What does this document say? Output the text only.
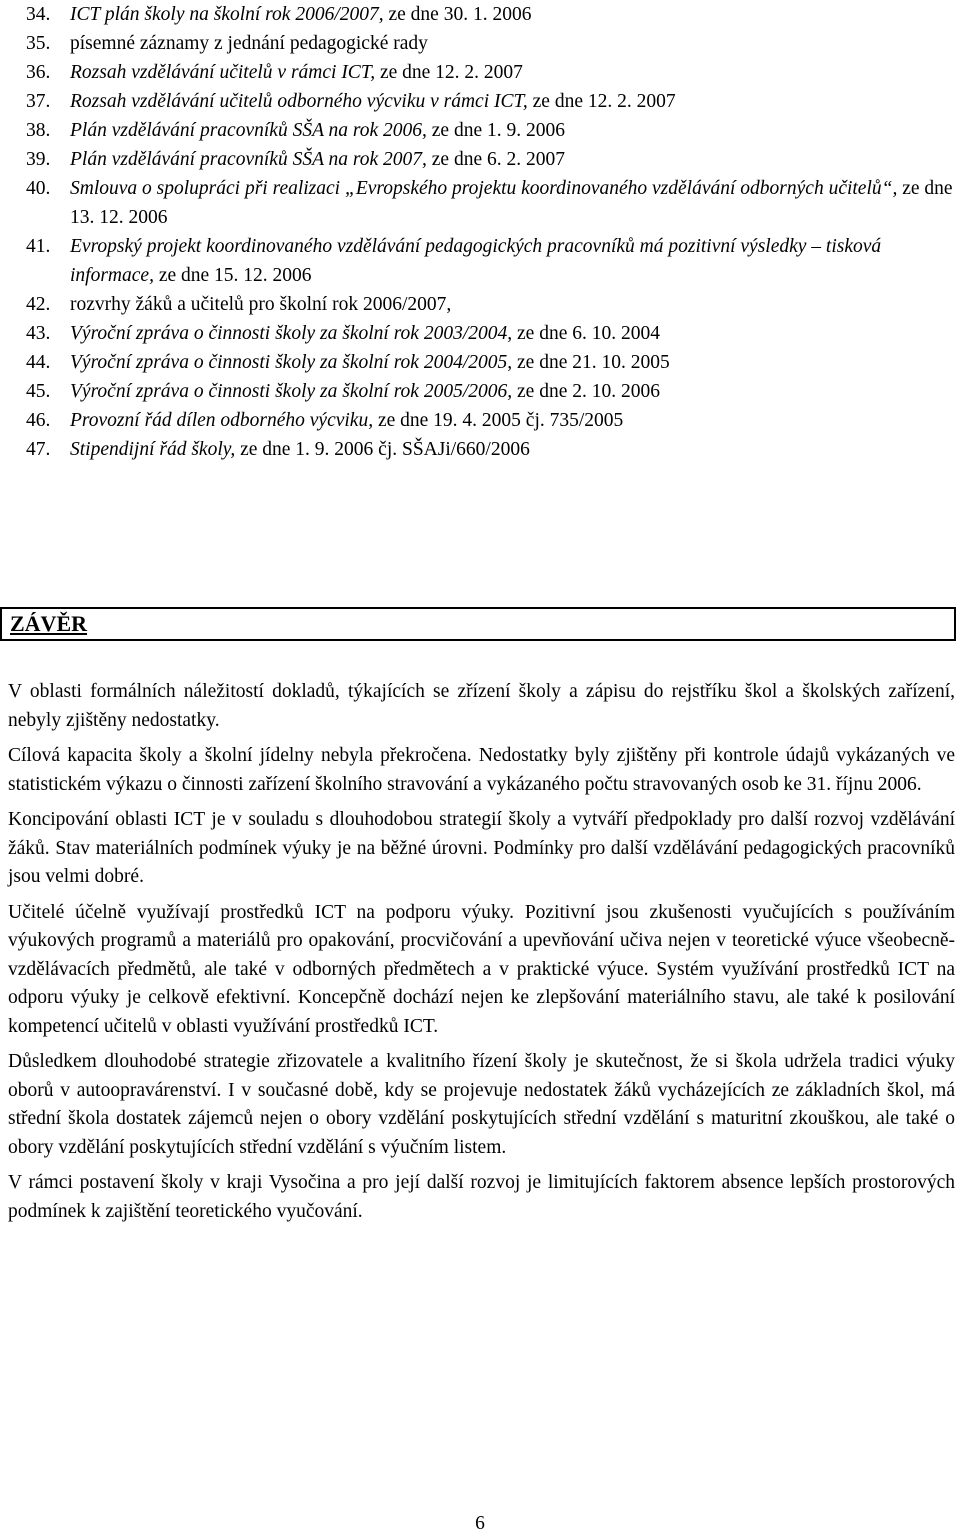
34.	ICT plán školy na školní rok 2006/2007, ze dne 30. 1. 2006
35.	písemné záznamy z jednání pedagogické rady
36.	Rozsah vzdělávání učitelů v rámci ICT, ze dne 12. 2. 2007
37.	Rozsah vzdělávání učitelů odborného výcviku v rámci ICT, ze dne 12. 2. 2007
38.	Plán vzdělávání pracovníků SŠA na rok 2006, ze dne 1. 9. 2006
39.	Plán vzdělávání pracovníků SŠA na rok 2007, ze dne 6. 2. 2007
40.	Smlouva o spolupráci při realizaci „Evropského projektu koordinovaného vzdělávání odborných učitelů“, ze dne 13. 12. 2006
41.	Evropský projekt koordinovaného vzdělávání pedagogických pracovníků má pozitivní výsledky – tisková informace, ze dne 15. 12. 2006
42.	rozvrhy žáků a učitelů pro školní rok 2006/2007,
43.	Výroční zpráva o činnosti školy za školní rok 2003/2004, ze dne 6. 10. 2004
44.	Výroční zpráva o činnosti školy za školní rok 2004/2005, ze dne 21. 10. 2005
45.	Výroční zpráva o činnosti školy za školní rok 2005/2006, ze dne 2. 10. 2006
46.	Provozní řád dílen odborného výcviku, ze dne 19. 4. 2005 čj. 735/2005
47.	Stipendijní řád školy, ze dne 1. 9. 2006 čj. SŠAJi/660/2006
ZÁVĚR

V oblasti formálních náležitostí dokladů, týkajících se zřízení školy a zápisu do rejstříku škol a školských zařízení, nebyly zjištěny nedostatky.

Cílová kapacita školy a školní jídelny nebyla překročena. Nedostatky byly zjištěny při kontrole údajů vykázaných ve statistickém výkazu o činnosti zařízení školního stravování a vykázaného počtu stravovaných osob ke 31. říjnu 2006.

Koncipování oblasti ICT je v souladu s dlouhodobou strategií školy a vytváří předpoklady pro další rozvoj vzdělávání žáků. Stav materiálních podmínek výuky je na běžné úrovni. Podmínky pro další vzdělávání pedagogických pracovníků jsou velmi dobré.

Učitelé účelně využívají prostředků ICT na podporu výuky. Pozitivní jsou zkušenosti vyučujících s používáním výukových programů a materiálů pro opakování, procvičování a upevňování učiva nejen v teoretické výuce všeobecně-vzdělávacích předmětů, ale také v odborných předmětech a v praktické výuce. Systém využívání prostředků ICT na odporu výuky je celkově efektivní. Koncepčně dochází nejen ke zlepšování materiálního stavu, ale také k posilování kompetencí učitelů v oblasti využívání prostředků ICT.

Důsledkem dlouhodobé strategie zřizovatele a kvalitního řízení školy je skutečnost, že si škola udržela tradici výuky oborů v autoopravárenství. I v současné době, kdy se projevuje nedostatek žáků vycházejících ze základních škol, má střední škola dostatek zájemců nejen o obory vzdělání poskytujících střední vzdělání s maturitní zkouškou, ale také o obory vzdělání poskytujících střední vzdělání s výučním listem.

V rámci postavení školy v kraji Vysočina a pro její další rozvoj je limitujících faktorem absence lepších prostorových podmínek k zajištění teoretického vyučování.

6
